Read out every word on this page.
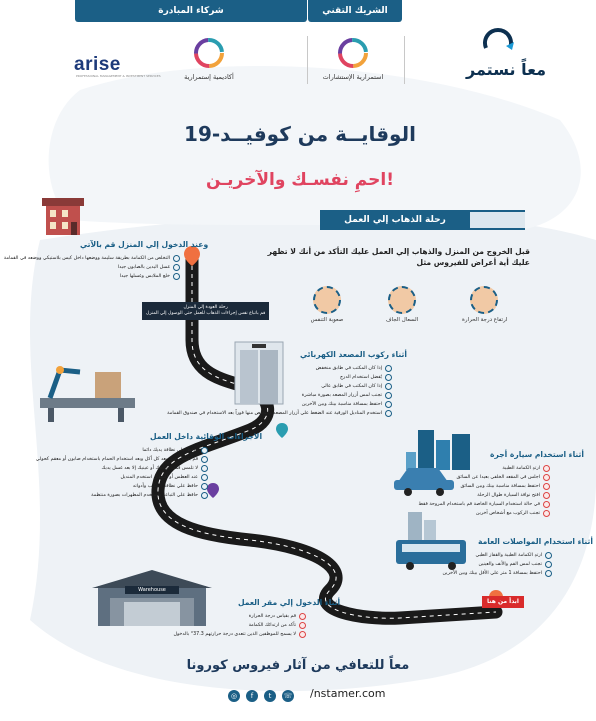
شركاء المبادرة	الشريك التقني
arise
PROFESSIONAL MANAGEMENT & INVESTMENT SERVICES	أكاديمية إستمرارية	استمرارية الإستشارات	معاً نستمر
الوقايــة من كوفيــد-19
احمِ نفسـك والآخريـن!
رحلة الذهاب إلي العمل
قبل الخروج من المنزل والذهاب إلي العمل عليك التأكد من أنك لا تظهر عليك أية أعراض للفيروس مثل
ارتفاع درجة الحرارة
السعال الجاف
صعوبة التنفس
وعند الدخول إلي المنزل قم بالآتي
التخلص من الكمامة بطريقة سليمة ووضعها داخل كيس بلاستيكي ووضعه في القمامة
غسل اليدين بالصابون جيدا
خلع الملابس وغسلها جيدا
رحلة العودة إلي المنزل
قم باتباع نفس إجراءات الذهاب للعمل حتي الوصول إلي المنزل
أثناء ركوب المصعد الكهربائي
إذا كان المكتب في طابق منخفض
يُفضل استخدام الدرج
إذا كان المكتب في طابق عالي
تجنب لمس أزرار المصعد بصورة مباشرة
احتفظ بمسافة مناسبة بينك وبين الآخرين
استخدم المناديل الورقية عند الضغط علي أزرار المصعد والتخلص منها فوراً بعد الاستخدام في صندوق القمامة
الاجراءات الوقائية داخل العمل
حافظ علي نظافة يديك دائما
قم بغسل يديك بعد كل أكل وبعد استخدام الحمام باستخدام صابون أو معقم كحولي
لا تلمس فمك أو أنفك أو عينيك إلا بعد غسل يديك
عند العطس أو السعال استخدم المنديل
حافظ علي نظافة المكتب وأدواته
حافظ علي التباعد واستخدم المطهرات بصورة منتظمة
أثناء استخدام سيارة أجرة
ارتدِ الكمامة الطبية
اجلس في المقعد الخلفي بعيدا عن السائق
احتفظ بمسافة مناسبة بينك وبين السائق
افتح نوافذ السيارة طوال الرحلة
في حالة استخدام السيارة الخاصة قم باستخدام المروحة فقط
تجنب الركوب مع أشخاص آخرين
أثناء استخدام المواصلات العامة
ارتدِ الكمامة الطبية والقفاز الطبي
تجنب لمس الفم والأنف والعينين
احتفظ بمسافة 1 متر علي الأقل بينك وبين الآخرين
ابدأ من هنا
أثناء الدخول إلي مقر العمل
قم بقياس درجة الحرارة
تأكد من ارتدائك الكمامة
لا يسمح للموظفين الذين تتعدى درجة حرارتهم 37.3° بالدخول
Warehouse
معاً للتعافي من آثار فيروس كورونا
◎	f	t	☏ /nstamer.com
